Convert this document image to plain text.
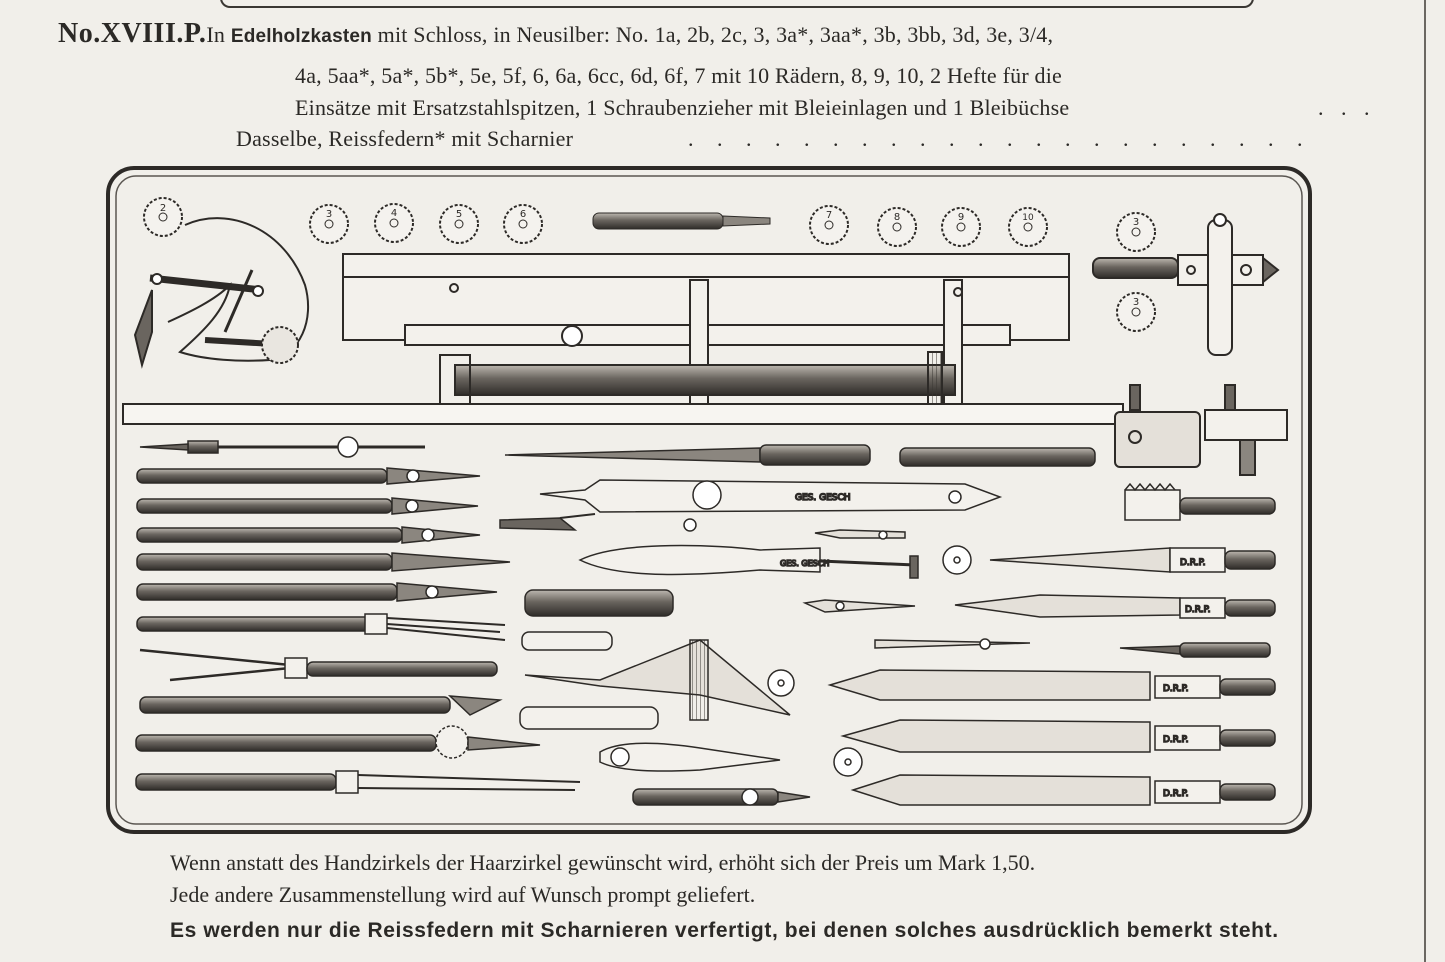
No.XVIII.P.In Edelholzkasten mit Schloss, in Neusilber: No. 1a, 2b, 2c, 3, 3a*, 3aa*, 3b, 3bb, 3d, 3e, 3/4,
4a, 5aa*, 5a*, 5b*, 5e, 5f, 6, 6a, 6cc, 6d, 6f, 7 mit 10 Rädern, 8, 9, 10, 2 Hefte für die
Einsätze mit Ersatzstahlspitzen, 1 Schraubenzieher mit Bleieinlagen und 1 Bleibüchse	. . .
Dasselbe, Reissfedern* mit Scharnier	. . . . . . . . . . . . . . . . . . . . . .
2
3	4	5	6	7	8	9	10	3
3
GES. GESCH
GES. GESCH	D.R.P.
D.R.P.
D.R.P.
D.R.P.
D.R.P.
Wenn anstatt des Handzirkels der Haarzirkel gewünscht wird, erhöht sich der Preis um Mark 1,50.
Jede andere Zusammenstellung wird auf Wunsch prompt geliefert.
Es werden nur die Reissfedern mit Scharnieren verfertigt, bei denen solches ausdrücklich bemerkt steht.
